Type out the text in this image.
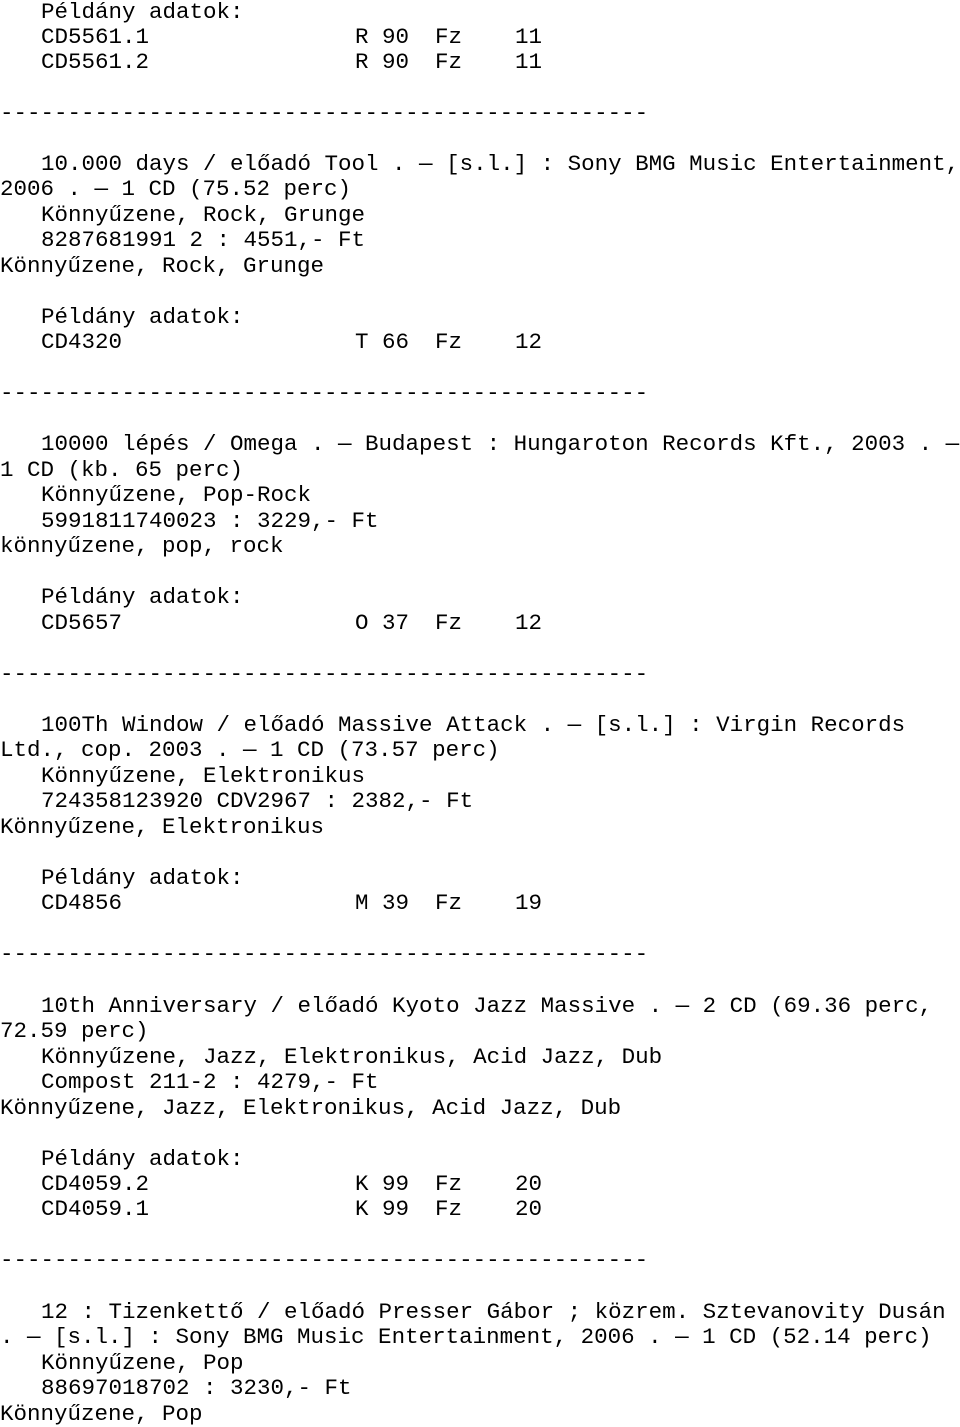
Példány adatok:
CD5561.1	R 90 Fz 11
CD5561.2	R 90 Fz 11
------------------------------------------------
10.000 days / előadó Tool . — [s.l.] : Sony BMG Music Entertainment,
2006 . — 1 CD (75.52 perc)
Könnyűzene, Rock, Grunge
8287681991 2 : 4551,- Ft
Könnyűzene, Rock, Grunge
Példány adatok:
CD4320	T 66 Fz 12
------------------------------------------------
10000 lépés / Omega . — Budapest : Hungaroton Records Kft., 2003 . —
1 CD (kb. 65 perc)
Könnyűzene, Pop-Rock
5991811740023 : 3229,- Ft
könnyűzene, pop, rock
Példány adatok:
CD5657	O 37 Fz 12
------------------------------------------------
100Th Window / előadó Massive Attack . — [s.l.] : Virgin Records
Ltd., cop. 2003 . — 1 CD (73.57 perc)
Könnyűzene, Elektronikus
724358123920 CDV2967 : 2382,- Ft
Könnyűzene, Elektronikus
Példány adatok:
CD4856	M 39 Fz 19
------------------------------------------------
10th Anniversary / előadó Kyoto Jazz Massive . — 2 CD (69.36 perc,
72.59 perc)
Könnyűzene, Jazz, Elektronikus, Acid Jazz, Dub
Compost 211-2 : 4279,- Ft
Könnyűzene, Jazz, Elektronikus, Acid Jazz, Dub
Példány adatok:
CD4059.2	K 99 Fz 20
CD4059.1	K 99 Fz 20
------------------------------------------------
12 : Tizenkettő / előadó Presser Gábor ; közrem. Sztevanovity Dusán
. — [s.l.] : Sony BMG Music Entertainment, 2006 . — 1 CD (52.14 perc)
Könnyűzene, Pop
88697018702 : 3230,- Ft
Könnyűzene, Pop
